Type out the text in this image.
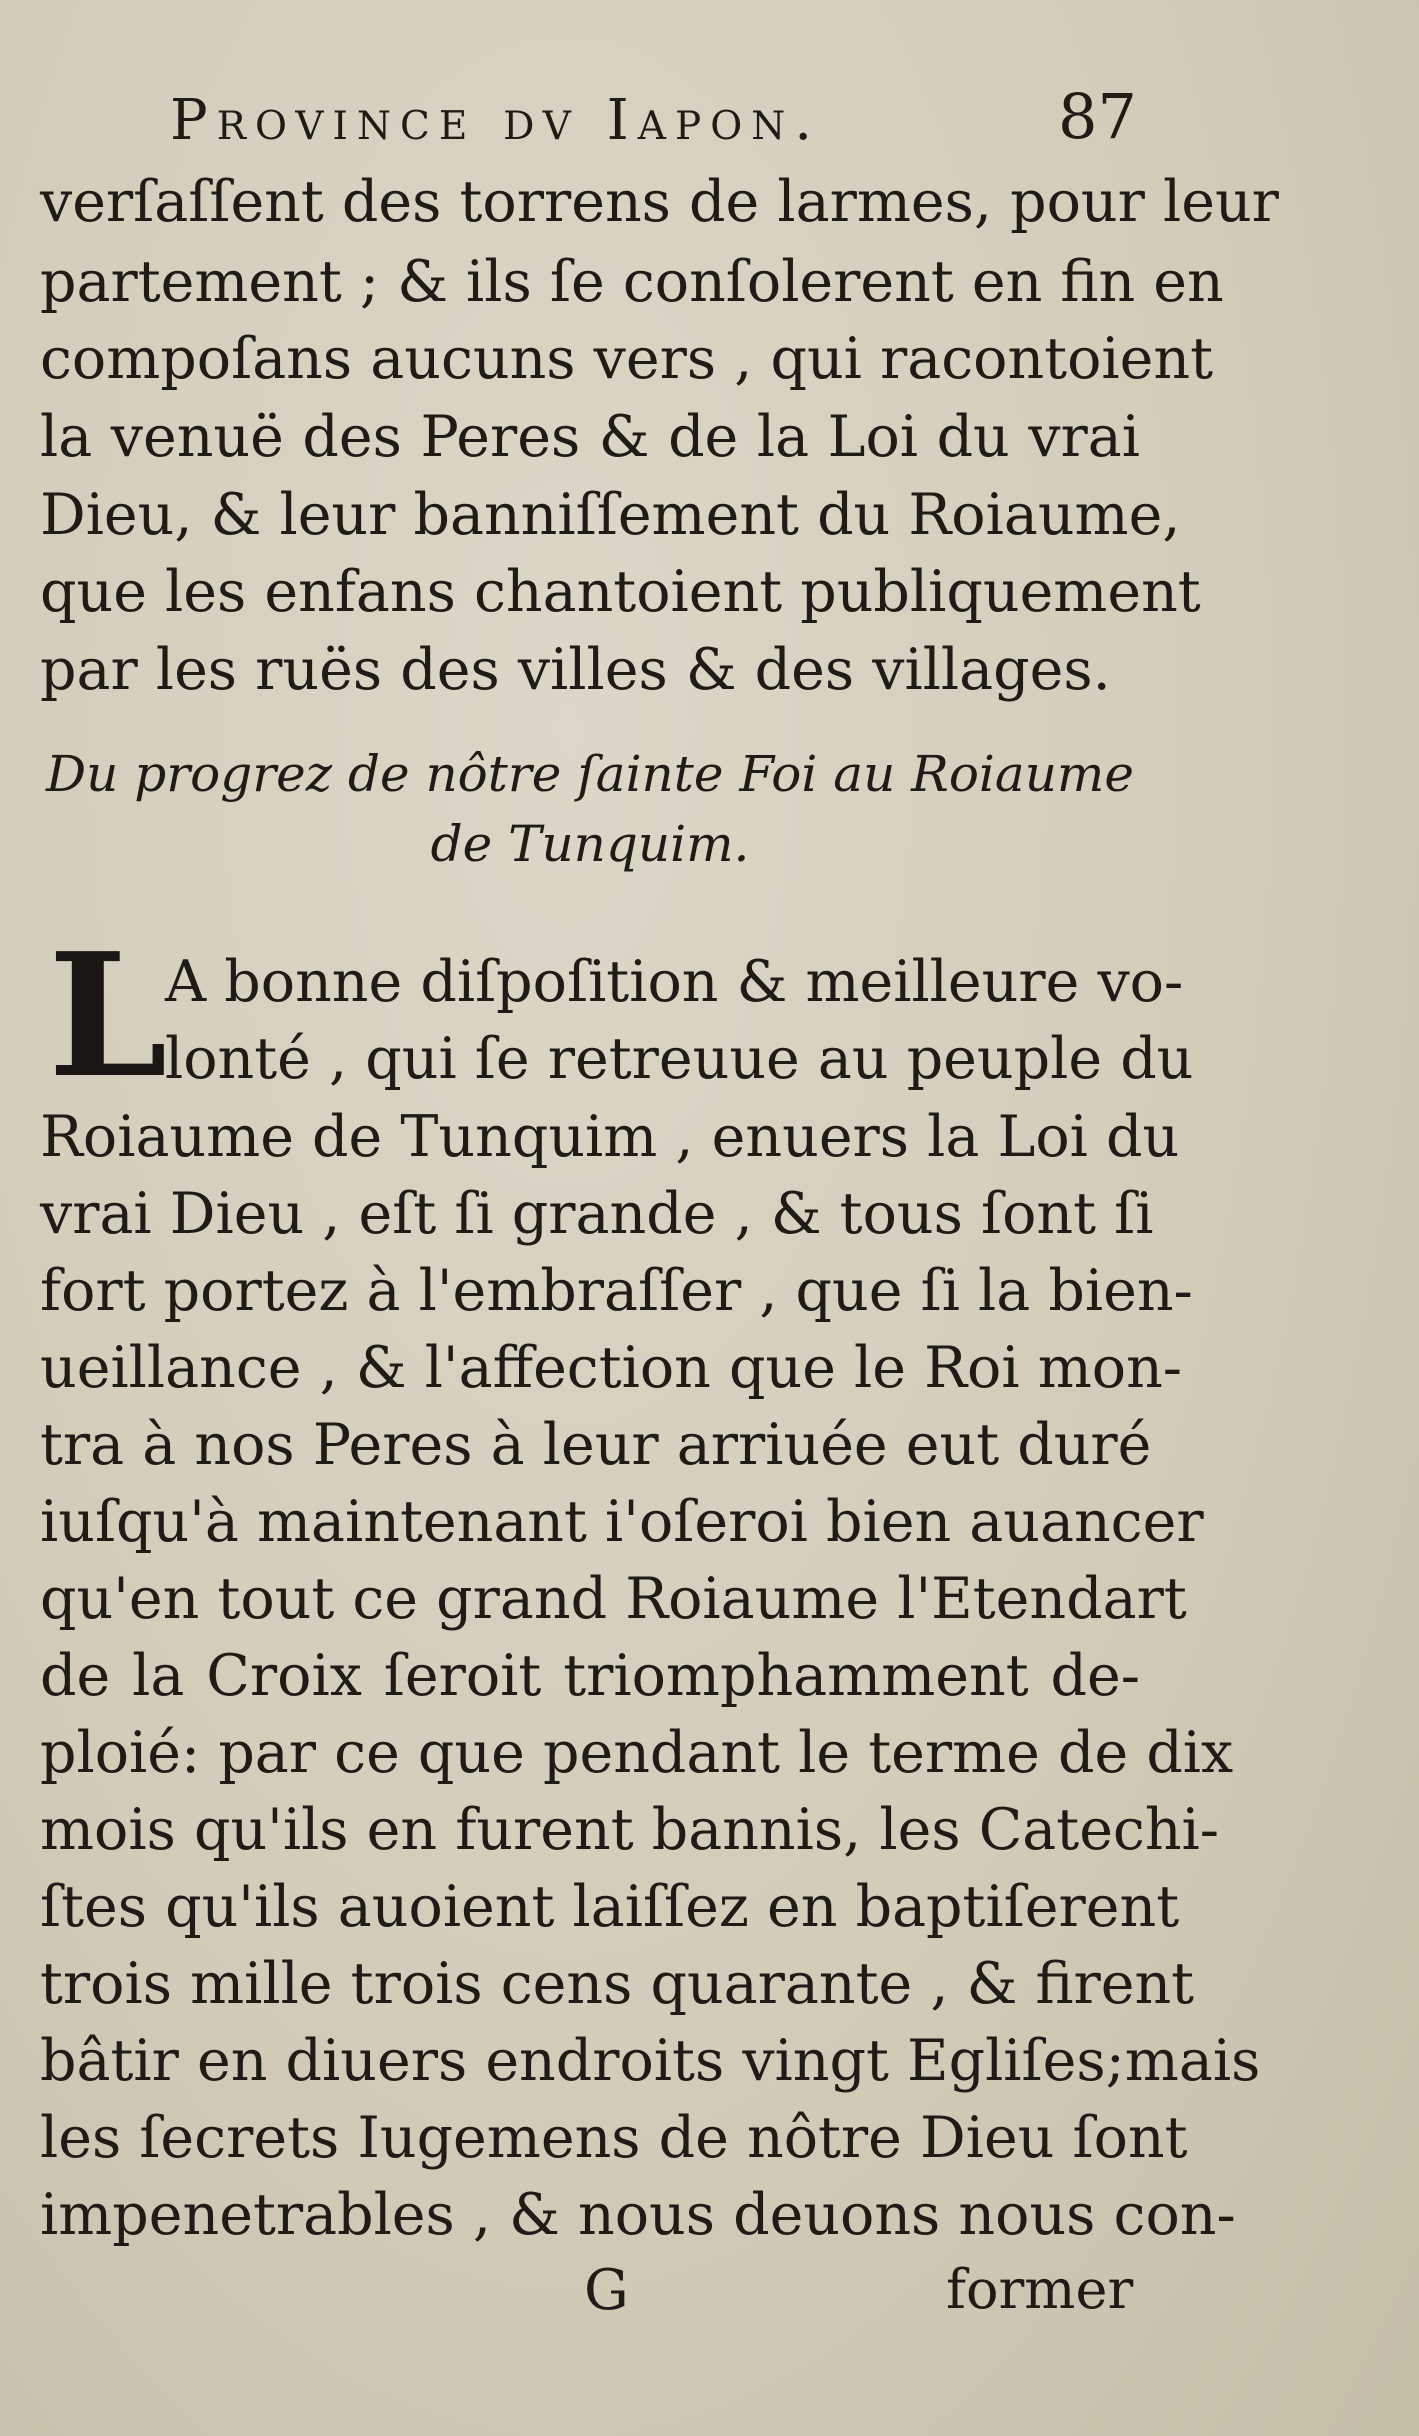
Province dv Iapon.	87
verſaſſent des torrens de larmes, pour leur
partement ; & ils ſe conſolerent en fin en
compoſans aucuns vers , qui racontoient
la venuë des Peres & de la Loi du vrai
Dieu, & leur banniſſement du Roiaume,
que les enfans chantoient publiquement
par les ruës des villes & des villages.
Du progrez de nôtre ſainte Foi au Roiaume
de Tunquim.
L
A bonne diſpoſition & meilleure vo-
lonté , qui ſe retreuue au peuple du
Roiaume de Tunquim , enuers la Loi du
vrai Dieu , eſt ſi grande , & tous ſont ſi
fort portez à l'embraſſer , que ſi la bien-
ueillance , & l'affection que le Roi mon-
tra à nos Peres à leur arriuée eut duré
iuſqu'à maintenant i'oſeroi bien auancer
qu'en tout ce grand Roiaume l'Etendart
de la Croix ſeroit triomphamment de-
ploié: par ce que pendant le terme de dix
mois qu'ils en furent bannis, les Catechi-
ſtes qu'ils auoient laiſſez en baptiſerent
trois mille trois cens quarante , & firent
bâtir en diuers endroits vingt Egliſes;mais
les ſecrets Iugemens de nôtre Dieu ſont
impenetrables , & nous deuons nous con-
G	former
